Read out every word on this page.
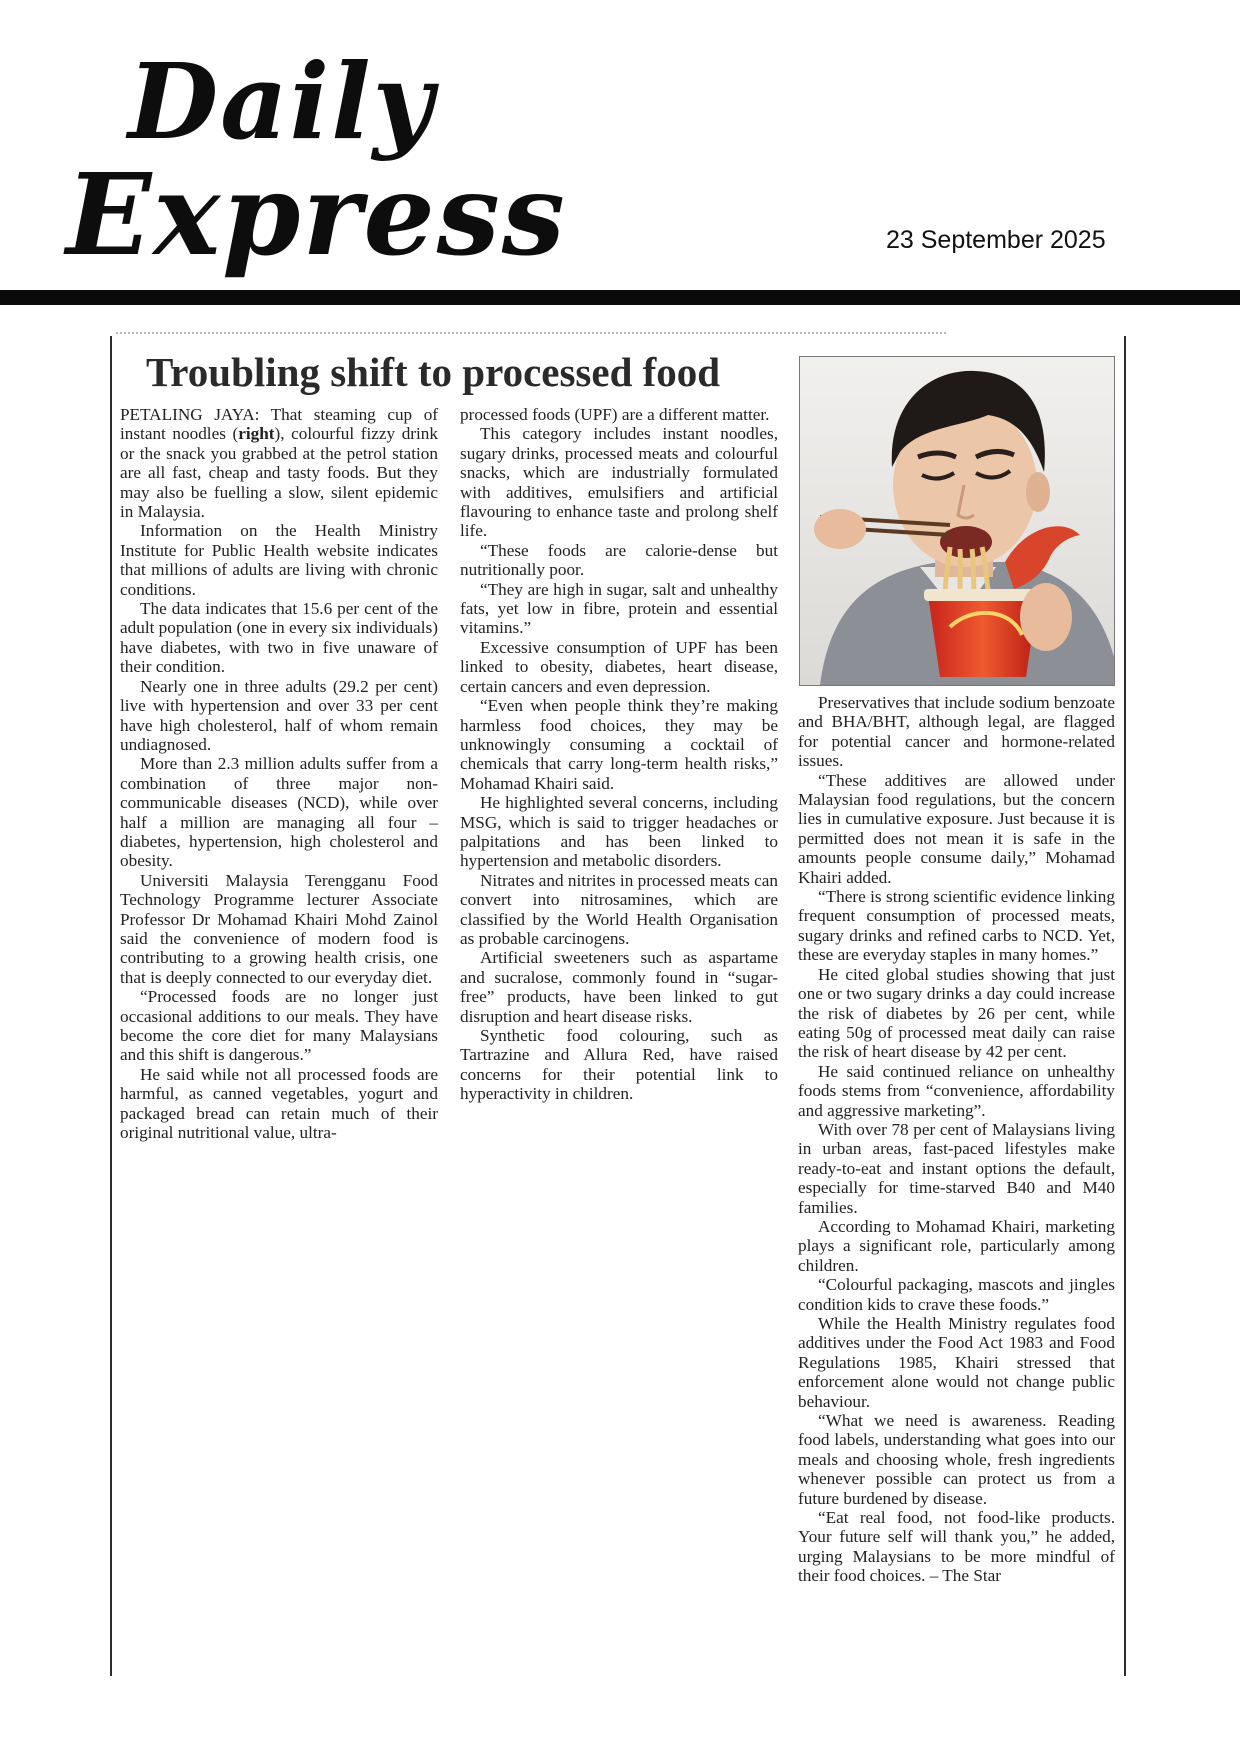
Daily
Express	23 September 2025
Troubling shift to processed food

PETALING JAYA: That steaming cup of instant noodles (right), colourful fizzy drink or the snack you grabbed at the petrol station are all fast, cheap and tasty foods. But they may also be fuelling a slow, silent epidemic in Malaysia.

Information on the Health Ministry Institute for Public Health website indicates that millions of adults are living with chronic conditions.

The data indicates that 15.6 per cent of the adult population (one in every six individuals) have diabetes, with two in five unaware of their condition.

Nearly one in three adults (29.2 per cent) live with hypertension and over 33 per cent have high cholesterol, half of whom remain undiagnosed.

More than 2.3 million adults suffer from a combination of three major non-communicable diseases (NCD), while over half a million are managing all four – diabetes, hypertension, high cholesterol and obesity.

Universiti Malaysia Terengganu Food Technology Programme lecturer Associate Professor Dr Mohamad Khairi Mohd Zainol said the convenience of modern food is contributing to a growing health crisis, one that is deeply connected to our everyday diet.

“Processed foods are no longer just occasional additions to our meals. They have become the core diet for many Malaysians and this shift is dangerous.”

He said while not all processed foods are harmful, as canned vegetables, yogurt and packaged bread can retain much of their original nutritional value, ultra-

processed foods (UPF) are a different matter.

This category includes instant noodles, sugary drinks, processed meats and colourful snacks, which are industrially formulated with additives, emulsifiers and artificial flavouring to enhance taste and prolong shelf life.

“These foods are calorie-dense but nutritionally poor.

“They are high in sugar, salt and unhealthy fats, yet low in fibre, protein and essential vitamins.”

Excessive consumption of UPF has been linked to obesity, diabetes, heart disease, certain cancers and even depression.

“Even when people think they’re making harmless food choices, they may be unknowingly consuming a cocktail of chemicals that carry long-term health risks,” Mohamad Khairi said.

He highlighted several concerns, including MSG, which is said to trigger headaches or palpitations and has been linked to hypertension and metabolic disorders.

Nitrates and nitrites in processed meats can convert into nitrosamines, which are classified by the World Health Organisation as probable carcinogens.

Artificial sweeteners such as aspartame and sucralose, commonly found in “sugar-free” products, have been linked to gut disruption and heart disease risks.

Synthetic food colouring, such as Tartrazine and Allura Red, have raised concerns for their potential link to hyperactivity in children.

Preservatives that include sodium benzoate and BHA/BHT, although legal, are flagged for potential cancer and hormone-related issues.

“These additives are allowed under Malaysian food regulations, but the concern lies in cumulative exposure. Just because it is permitted does not mean it is safe in the amounts people consume daily,” Mohamad Khairi added.

“There is strong scientific evidence linking frequent consumption of processed meats, sugary drinks and refined carbs to NCD. Yet, these are everyday staples in many homes.”

He cited global studies showing that just one or two sugary drinks a day could increase the risk of diabetes by 26 per cent, while eating 50g of processed meat daily can raise the risk of heart disease by 42 per cent.

He said continued reliance on unhealthy foods stems from “convenience, affordability and aggressive marketing”.

With over 78 per cent of Malaysians living in urban areas, fast-paced lifestyles make ready-to-eat and instant options the default, especially for time-starved B40 and M40 families.

According to Mohamad Khairi, marketing plays a significant role, particularly among children.

“Colourful packaging, mascots and jingles condition kids to crave these foods.”

While the Health Ministry regulates food additives under the Food Act 1983 and Food Regulations 1985, Khairi stressed that enforcement alone would not change public behaviour.

“What we need is awareness. Reading food labels, understanding what goes into our meals and choosing whole, fresh ingredients whenever possible can protect us from a future burdened by disease.

“Eat real food, not food-like products. Your future self will thank you,” he added, urging Malaysians to be more mindful of their food choices. – The Star
